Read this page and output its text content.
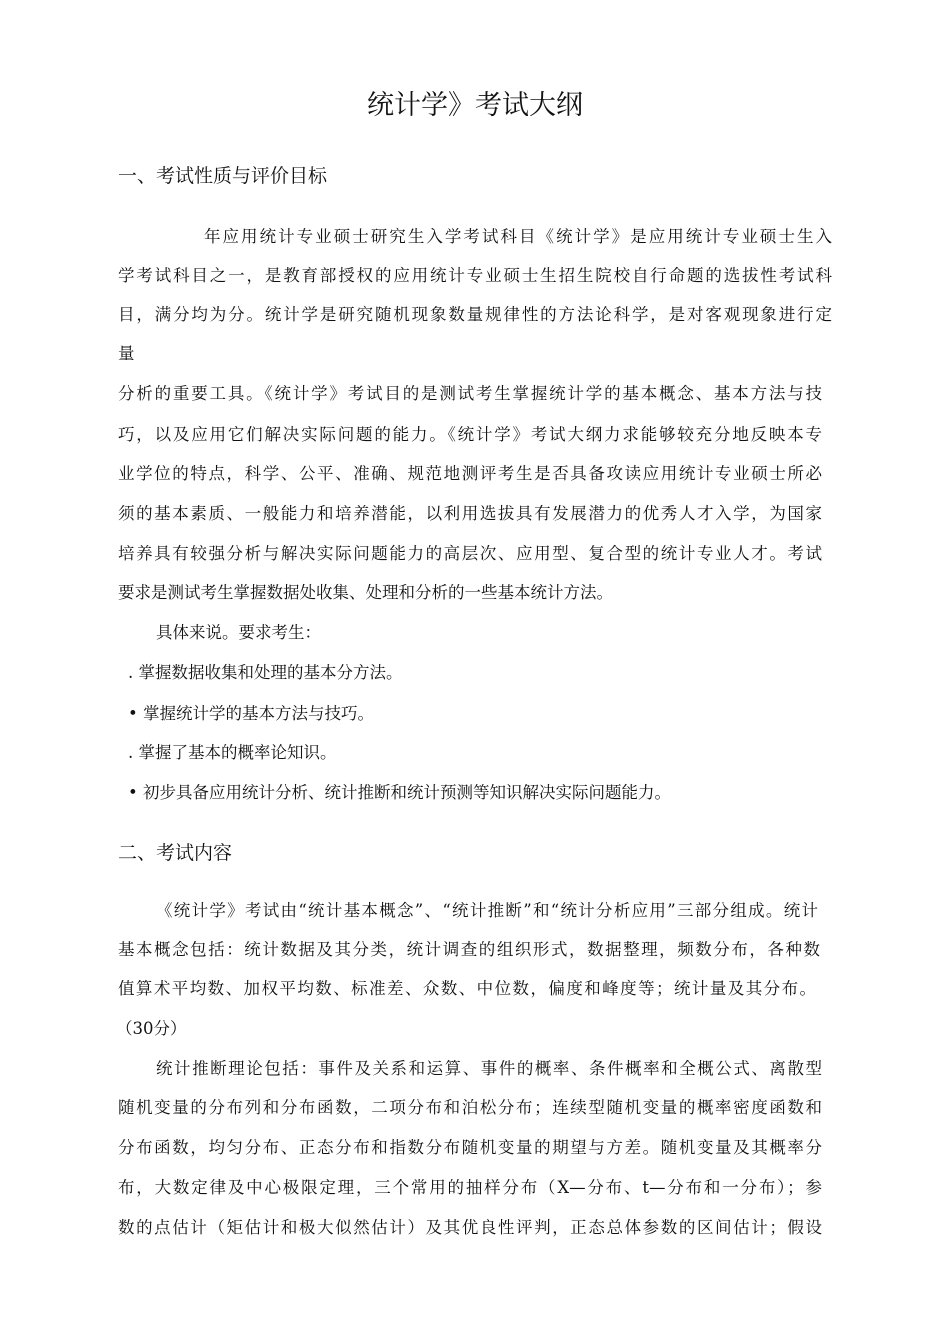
统计学》考试大纲
一、考试性质与评价目标

年应用统计专业硕士研究生入学考试科目《统计学》是应用统计专业硕士生入

学考试科目之一，是教育部授权的应用统计专业硕士生招生院校自行命题的选拔性考试科

目，满分均为分。统计学是研究随机现象数量规律性的方法论科学，是对客观现象进行定

量

分析的重要工具。《统计学》考试目的是测试考生掌握统计学的基本概念、基本方法与技

巧，以及应用它们解决实际问题的能力。《统计学》考试大纲力求能够较充分地反映本专

业学位的特点，科学、公平、准确、规范地测评考生是否具备攻读应用统计专业硕士所必

须的基本素质、一般能力和培养潜能，以利用选拔具有发展潜力的优秀人才入学，为国家

培养具有较强分析与解决实际问题能力的高层次、应用型、复合型的统计专业人才。考试

要求是测试考生掌握数据处收集、处理和分析的一些基本统计方法。

具体来说。要求考生：

. 掌握数据收集和处理的基本分方法。

• 掌握统计学的基本方法与技巧。

. 掌握了基本的概率论知识。

• 初步具备应用统计分析、统计推断和统计预测等知识解决实际问题能力。

二、考试内容

《统计学》考试由“统计基本概念”、“统计推断”和“统计分析应用”三部分组成。统计

基本概念包括：统计数据及其分类，统计调查的组织形式，数据整理，频数分布，各种数

值算术平均数、加权平均数、标准差、众数、中位数，偏度和峰度等；统计量及其分布。

（30分）

统计推断理论包括：事件及关系和运算、事件的概率、条件概率和全概公式、离散型

随机变量的分布列和分布函数，二项分布和泊松分布；连续型随机变量的概率密度函数和

分布函数，均匀分布、正态分布和指数分布随机变量的期望与方差。随机变量及其概率分

布，大数定律及中心极限定理，三个常用的抽样分布（X—分布、t—分布和一分布）；参

数的点估计（矩估计和极大似然估计）及其优良性评判，正态总体参数的区间估计；假设
